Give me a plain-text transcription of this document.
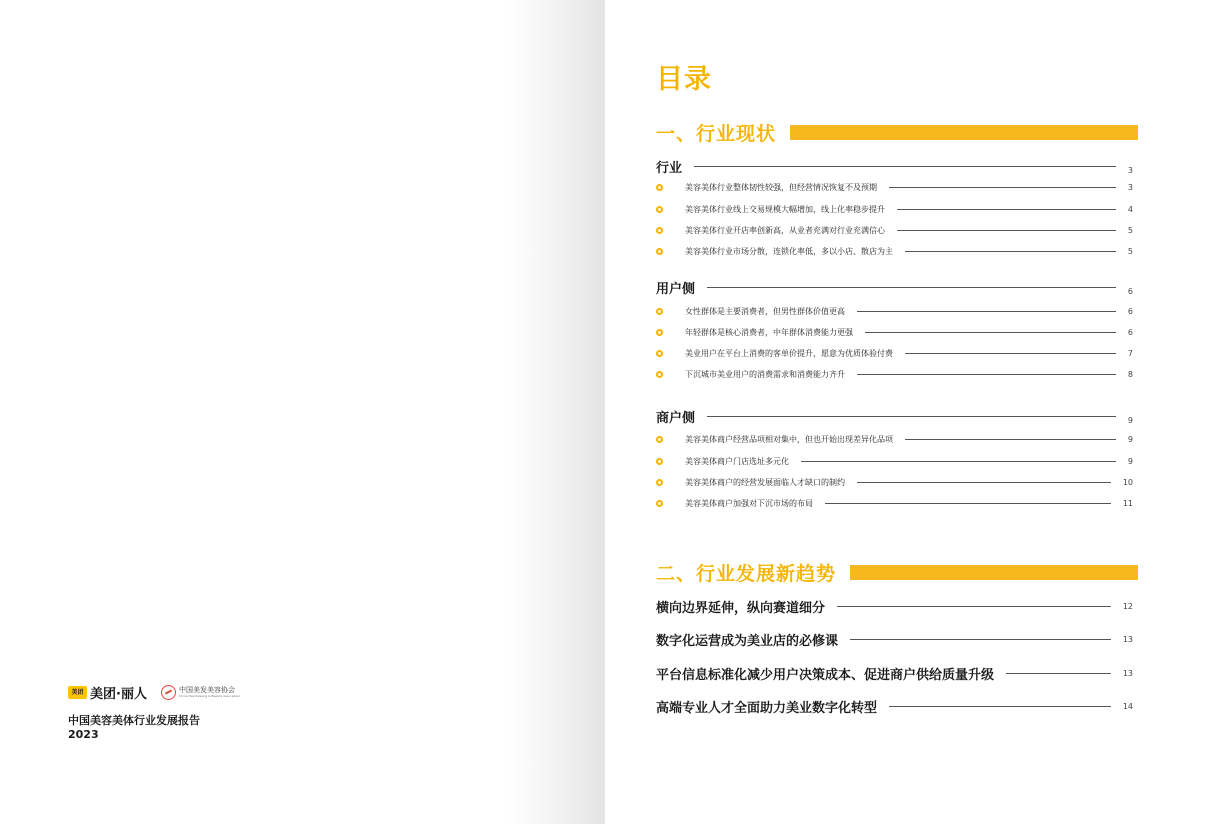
美团 美团·丽人	中国美发美容协会
China Hairdressing & Beauty Association
中国美容美体行业发展报告
2023
目录
一、行业现状
行业	3
美容美体行业整体韧性较强，但经营情况恢复不及预期	3
美容美体行业线上交易规模大幅增加，线上化率稳步提升	4
美容美体行业开店率创新高，从业者充满对行业充满信心	5
美容美体行业市场分散，连锁化率低，多以小店、散店为主	5
用户侧	6
女性群体是主要消费者，但男性群体价值更高	6
年轻群体是核心消费者，中年群体消费能力更强	6
美业用户在平台上消费的客单价提升，愿意为优质体验付费	7
下沉城市美业用户的消费需求和消费能力齐升	8
商户侧	9
美容美体商户经营品项相对集中，但也开始出现差异化品项	9
美容美体商户门店选址多元化	9
美容美体商户的经营发展面临人才缺口的制约	10
美容美体商户加强对下沉市场的布局	11
二、行业发展新趋势
横向边界延伸，纵向赛道细分	12
数字化运营成为美业店的必修课	13
平台信息标准化减少用户决策成本、促进商户供给质量升级	13
高端专业人才全面助力美业数字化转型	14
